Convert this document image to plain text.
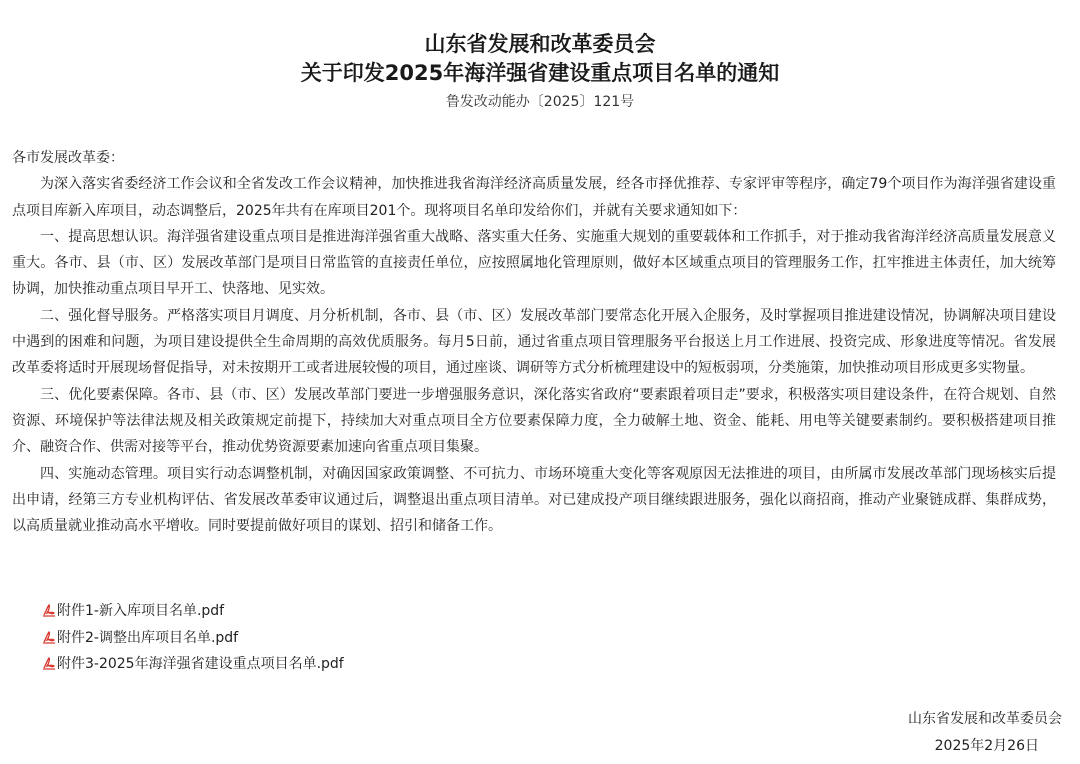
山东省发展和改革委员会
关于印发2025年海洋强省建设重点项目名单的通知
鲁发改动能办〔2025〕121号

各市发展改革委：

为深入落实省委经济工作会议和全省发改工作会议精神，加快推进我省海洋经济高质量发展，经各市择优推荐、专家评审等程序，确定79个项目作为海洋强省建设重点项目库新入库项目，动态调整后，2025年共有在库项目201个。现将项目名单印发给你们，并就有关要求通知如下：

一、提高思想认识。海洋强省建设重点项目是推进海洋强省重大战略、落实重大任务、实施重大规划的重要载体和工作抓手，对于推动我省海洋经济高质量发展意义重大。各市、县（市、区）发展改革部门是项目日常监管的直接责任单位，应按照属地化管理原则，做好本区域重点项目的管理服务工作，扛牢推进主体责任，加大统筹协调，加快推动重点项目早开工、快落地、见实效。

二、强化督导服务。严格落实项目月调度、月分析机制，各市、县（市、区）发展改革部门要常态化开展入企服务，及时掌握项目推进建设情况，协调解决项目建设中遇到的困难和问题，为项目建设提供全生命周期的高效优质服务。每月5日前，通过省重点项目管理服务平台报送上月工作进展、投资完成、形象进度等情况。省发展改革委将适时开展现场督促指导，对未按期开工或者进展较慢的项目，通过座谈、调研等方式分析梳理建设中的短板弱项，分类施策，加快推动项目形成更多实物量。

三、优化要素保障。各市、县（市、区）发展改革部门要进一步增强服务意识，深化落实省政府“要素跟着项目走”要求，积极落实项目建设条件，在符合规划、自然资源、环境保护等法律法规及相关政策规定前提下，持续加大对重点项目全方位要素保障力度，全力破解土地、资金、能耗、用电等关键要素制约。要积极搭建项目推介、融资合作、供需对接等平台，推动优势资源要素加速向省重点项目集聚。

四、实施动态管理。项目实行动态调整机制，对确因国家政策调整、不可抗力、市场环境重大变化等客观原因无法推进的项目，由所属市发展改革部门现场核实后提出申请，经第三方专业机构评估、省发展改革委审议通过后，调整退出重点项目清单。对已建成投产项目继续跟进服务，强化以商招商，推动产业聚链成群、集群成势，以高质量就业推动高水平增收。同时要提前做好项目的谋划、招引和储备工作。

附件1-新入库项目名单.pdf
附件2-调整出库项目名单.pdf
附件3-2025年海洋强省建设重点项目名单.pdf
山东省发展和改革委员会
2025年2月26日
